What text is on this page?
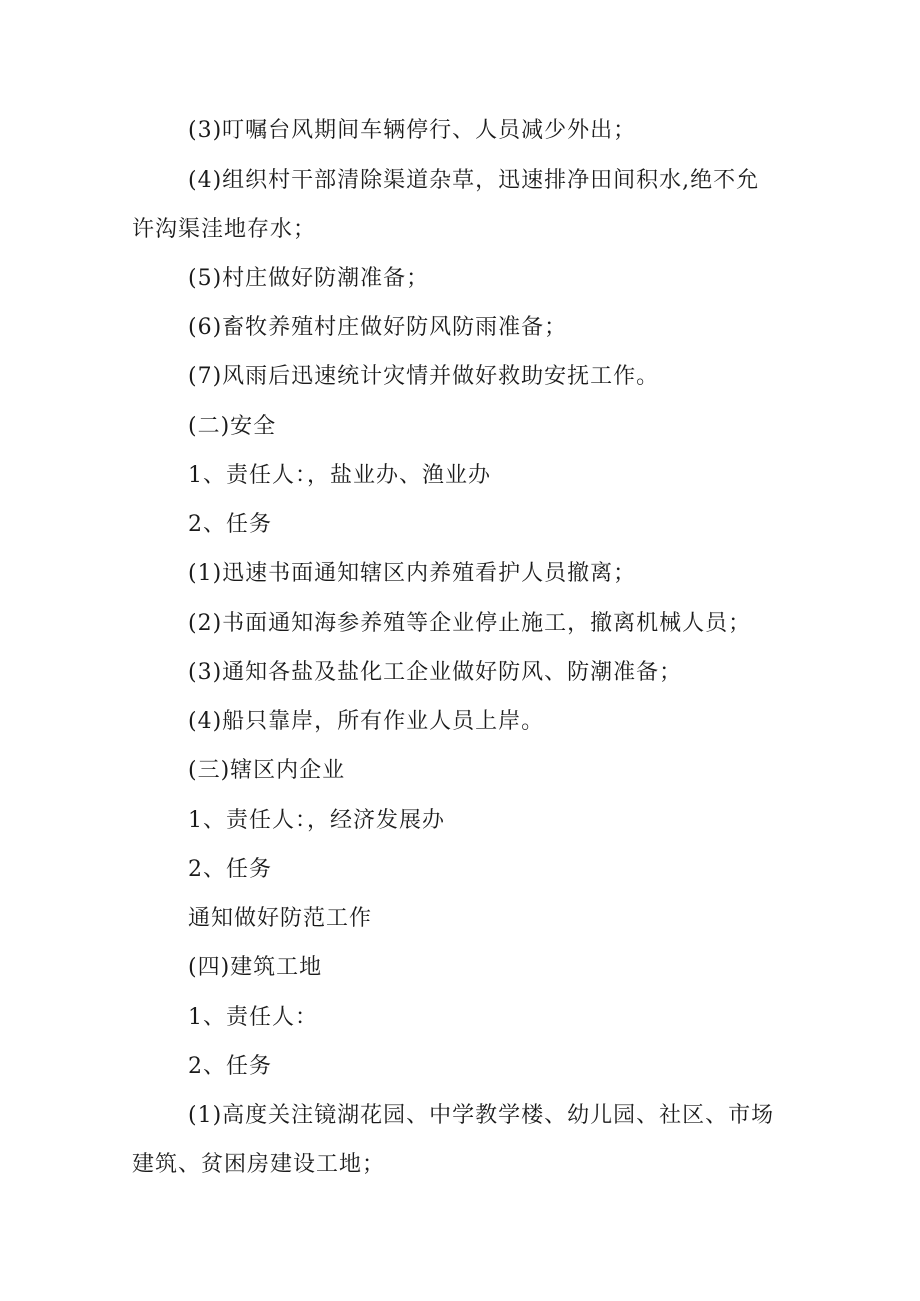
(3)叮嘱台风期间车辆停行、人员减少外出；
(4)组织村干部清除渠道杂草，迅速排净田间积水,绝不允
许沟渠洼地存水；
(5)村庄做好防潮准备；
(6)畜牧养殖村庄做好防风防雨准备；
(7)风雨后迅速统计灾情并做好救助安抚工作。
(二)安全
1、责任人：，盐业办、渔业办
2、任务
(1)迅速书面通知辖区内养殖看护人员撤离；
(2)书面通知海参养殖等企业停止施工，撤离机械人员；
(3)通知各盐及盐化工企业做好防风、防潮准备；
(4)船只靠岸，所有作业人员上岸。
(三)辖区内企业
1、责任人：，经济发展办
2、任务
通知做好防范工作
(四)建筑工地
1、责任人：
2、任务
(1)高度关注镜湖花园、中学教学楼、幼儿园、社区、市场
建筑、贫困房建设工地；
